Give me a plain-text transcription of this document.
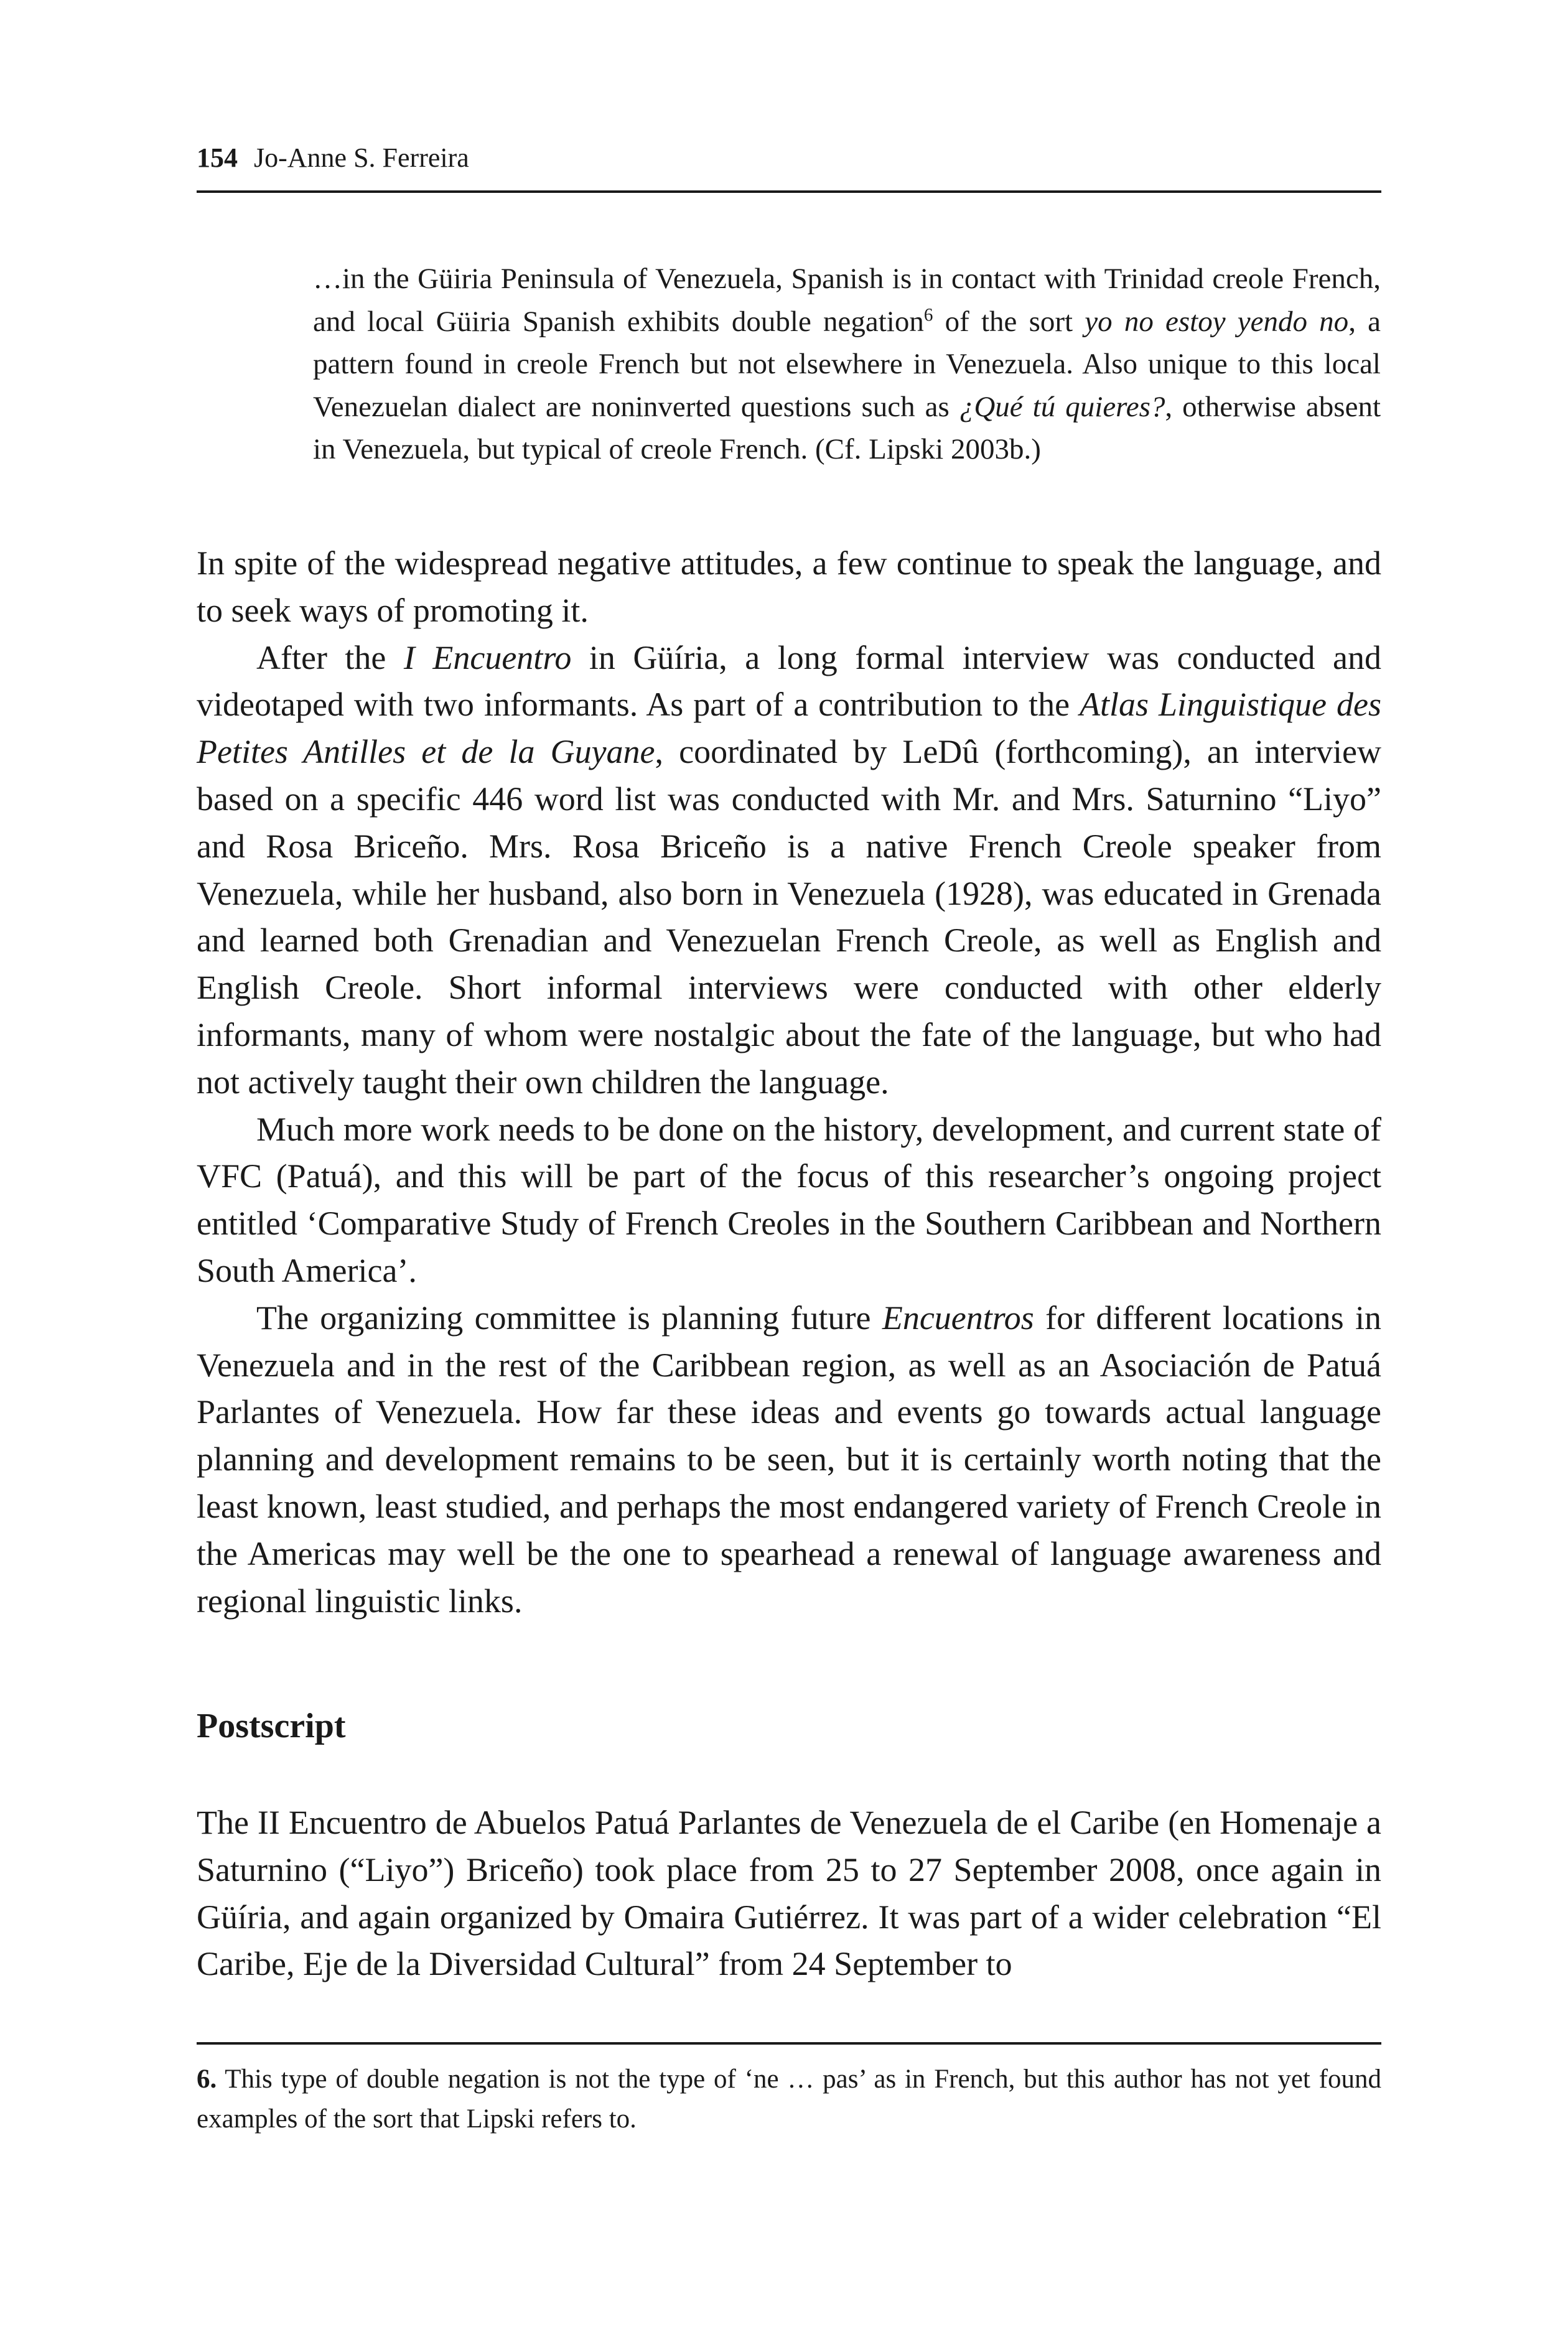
154 Jo-Anne S. Ferreira
…in the Güiria Peninsula of Venezuela, Spanish is in contact with Trinidad creole French, and local Güiria Spanish exhibits double negation$^6$ of the sort yo no estoy yendo no, a pattern found in creole French but not elsewhere in Venezuela. Also unique to this local Venezuelan dialect are noninverted questions such as ¿Qué tú quieres?, otherwise absent in Venezuela, but typical of creole French. (Cf. Lipski 2003b.)

In spite of the widespread negative attitudes, a few continue to speak the language, and to seek ways of promoting it.

After the I Encuentro in Güíria, a long formal interview was conducted and videotaped with two informants. As part of a contribution to the Atlas Linguistique des Petites Antilles et de la Guyane, coordinated by LeDû (forthcoming), an interview based on a specific 446 word list was conducted with Mr. and Mrs. Saturnino “Liyo” and Rosa Briceño. Mrs. Rosa Briceño is a native French Creole speaker from Venezuela, while her husband, also born in Venezuela (1928), was educated in Grenada and learned both Grenadian and Venezuelan French Creole, as well as English and English Creole. Short informal interviews were conducted with other elderly informants, many of whom were nostalgic about the fate of the language, but who had not actively taught their own children the language.

Much more work needs to be done on the history, development, and current state of VFC (Patuá), and this will be part of the focus of this researcher’s ongoing project entitled ‘Comparative Study of French Creoles in the Southern Caribbean and Northern South America’.

The organizing committee is planning future Encuentros for different locations in Venezuela and in the rest of the Caribbean region, as well as an Asociación de Patuá Parlantes of Venezuela. How far these ideas and events go towards actual language planning and development remains to be seen, but it is certainly worth noting that the least known, least studied, and perhaps the most endangered variety of French Creole in the Americas may well be the one to spearhead a renewal of language awareness and regional linguistic links.

Postscript

The II Encuentro de Abuelos Patuá Parlantes de Venezuela de el Caribe (en Homenaje a Saturnino (“Liyo”) Briceño) took place from 25 to 27 September 2008, once again in Güíria, and again organized by Omaira Gutiérrez. It was part of a wider celebration “El Caribe, Eje de la Diversidad Cultural” from 24 September to

6. This type of double negation is not the type of ‘ne … pas’ as in French, but this author has not yet found examples of the sort that Lipski refers to.
